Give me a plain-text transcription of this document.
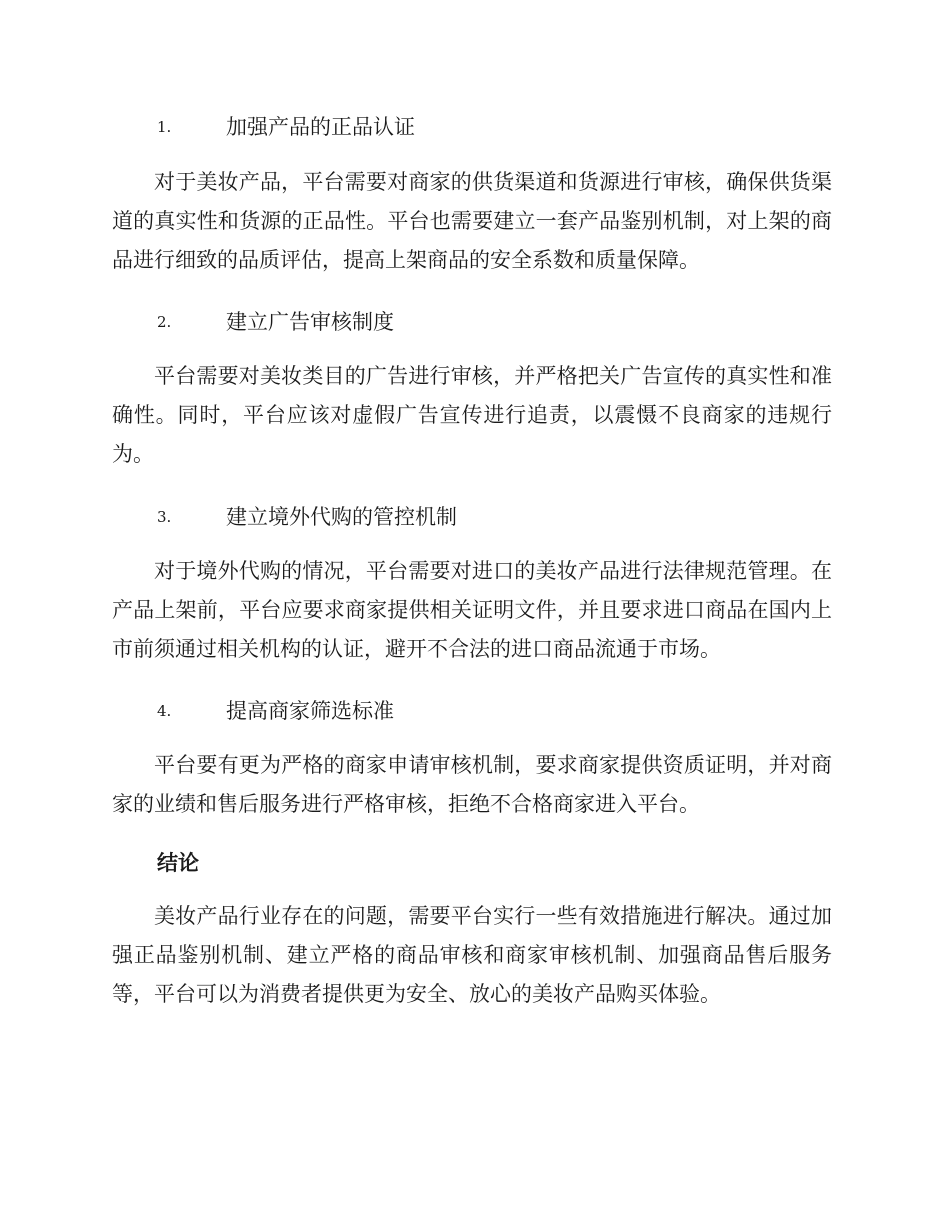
1.	加强产品的正品认证

对于美妆产品，平台需要对商家的供货渠道和货源进行审核，确保供货渠道的真实性和货源的正品性。平台也需要建立一套产品鉴别机制，对上架的商品进行细致的品质评估，提高上架商品的安全系数和质量保障。

2.	建立广告审核制度

平台需要对美妆类目的广告进行审核，并严格把关广告宣传的真实性和准确性。同时，平台应该对虚假广告宣传进行追责，以震慑不良商家的违规行为。

3.	建立境外代购的管控机制

对于境外代购的情况，平台需要对进口的美妆产品进行法律规范管理。在产品上架前，平台应要求商家提供相关证明文件，并且要求进口商品在国内上市前须通过相关机构的认证，避开不合法的进口商品流通于市场。

4.	提高商家筛选标准

平台要有更为严格的商家申请审核机制，要求商家提供资质证明，并对商家的业绩和售后服务进行严格审核，拒绝不合格商家进入平台。

结论

美妆产品行业存在的问题，需要平台实行一些有效措施进行解决。通过加强正品鉴别机制、建立严格的商品审核和商家审核机制、加强商品售后服务等，平台可以为消费者提供更为安全、放心的美妆产品购买体验。
